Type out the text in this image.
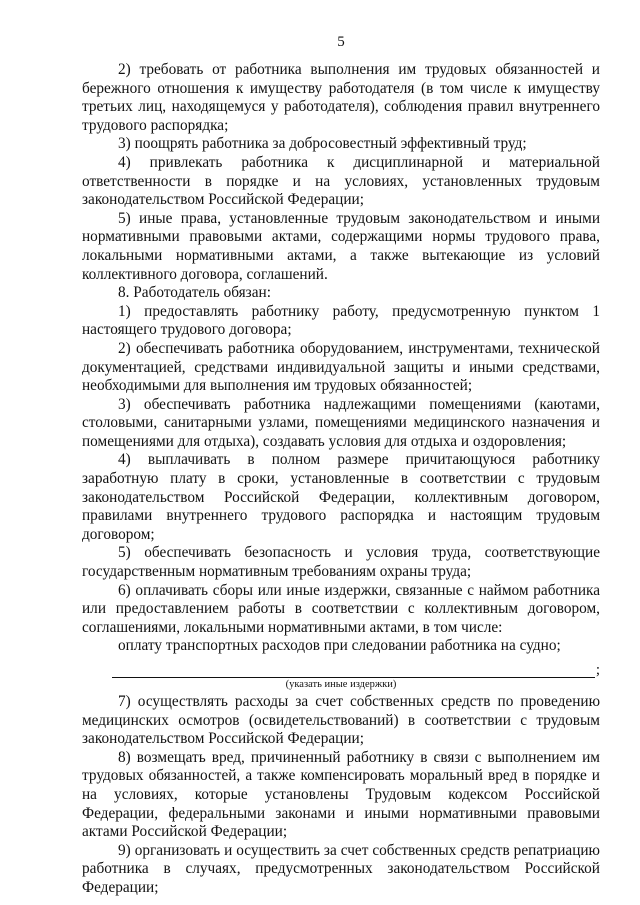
5

2) требовать от работника выполнения им трудовых обязанностей и бережного отношения к имуществу работодателя (в том числе к имуществу третьих лиц, находящемуся у работодателя), соблюдения правил внутреннего трудового распорядка;

3) поощрять работника за добросовестный эффективный труд;

4) привлекать работника к дисциплинарной и материальной ответственности в порядке и на условиях, установленных трудовым законодательством Российской Федерации;

5) иные права, установленные трудовым законодательством и иными нормативными правовыми актами, содержащими нормы трудового права, локальными нормативными актами, а также вытекающие из условий коллективного договора, соглашений.

8. Работодатель обязан:

1) предоставлять работнику работу, предусмотренную пунктом 1 настоящего трудового договора;

2) обеспечивать работника оборудованием, инструментами, технической документацией, средствами индивидуальной защиты и иными средствами, необходимыми для выполнения им трудовых обязанностей;

3) обеспечивать работника надлежащими помещениями (каютами, столовыми, санитарными узлами, помещениями медицинского назначения и помещениями для отдыха), создавать условия для отдыха и оздоровления;

4) выплачивать в полном размере причитающуюся работнику заработную плату в сроки, установленные в соответствии с трудовым законодательством Российской Федерации, коллективным договором, правилами внутреннего трудового распорядка и настоящим трудовым договором;

5) обеспечивать безопасность и условия труда, соответствующие государственным нормативным требованиям охраны труда;

6) оплачивать сборы или иные издержки, связанные с наймом работника или предоставлением работы в соответствии с коллективным договором, соглашениями, локальными нормативными актами, в том числе:

оплату транспортных расходов при следовании работника на судно;

;
(указать иные издержки)

7) осуществлять расходы за счет собственных средств по проведению медицинских осмотров (освидетельствований) в соответствии с трудовым законодательством Российской Федерации;

8) возмещать вред, причиненный работнику в связи с выполнением им трудовых обязанностей, а также компенсировать моральный вред в порядке и на условиях, которые установлены Трудовым кодексом Российской Федерации, федеральными законами и иными нормативными правовыми актами Российской Федерации;

9) организовать и осуществить за счет собственных средств репатриацию работника в случаях, предусмотренных законодательством Российской Федерации;
